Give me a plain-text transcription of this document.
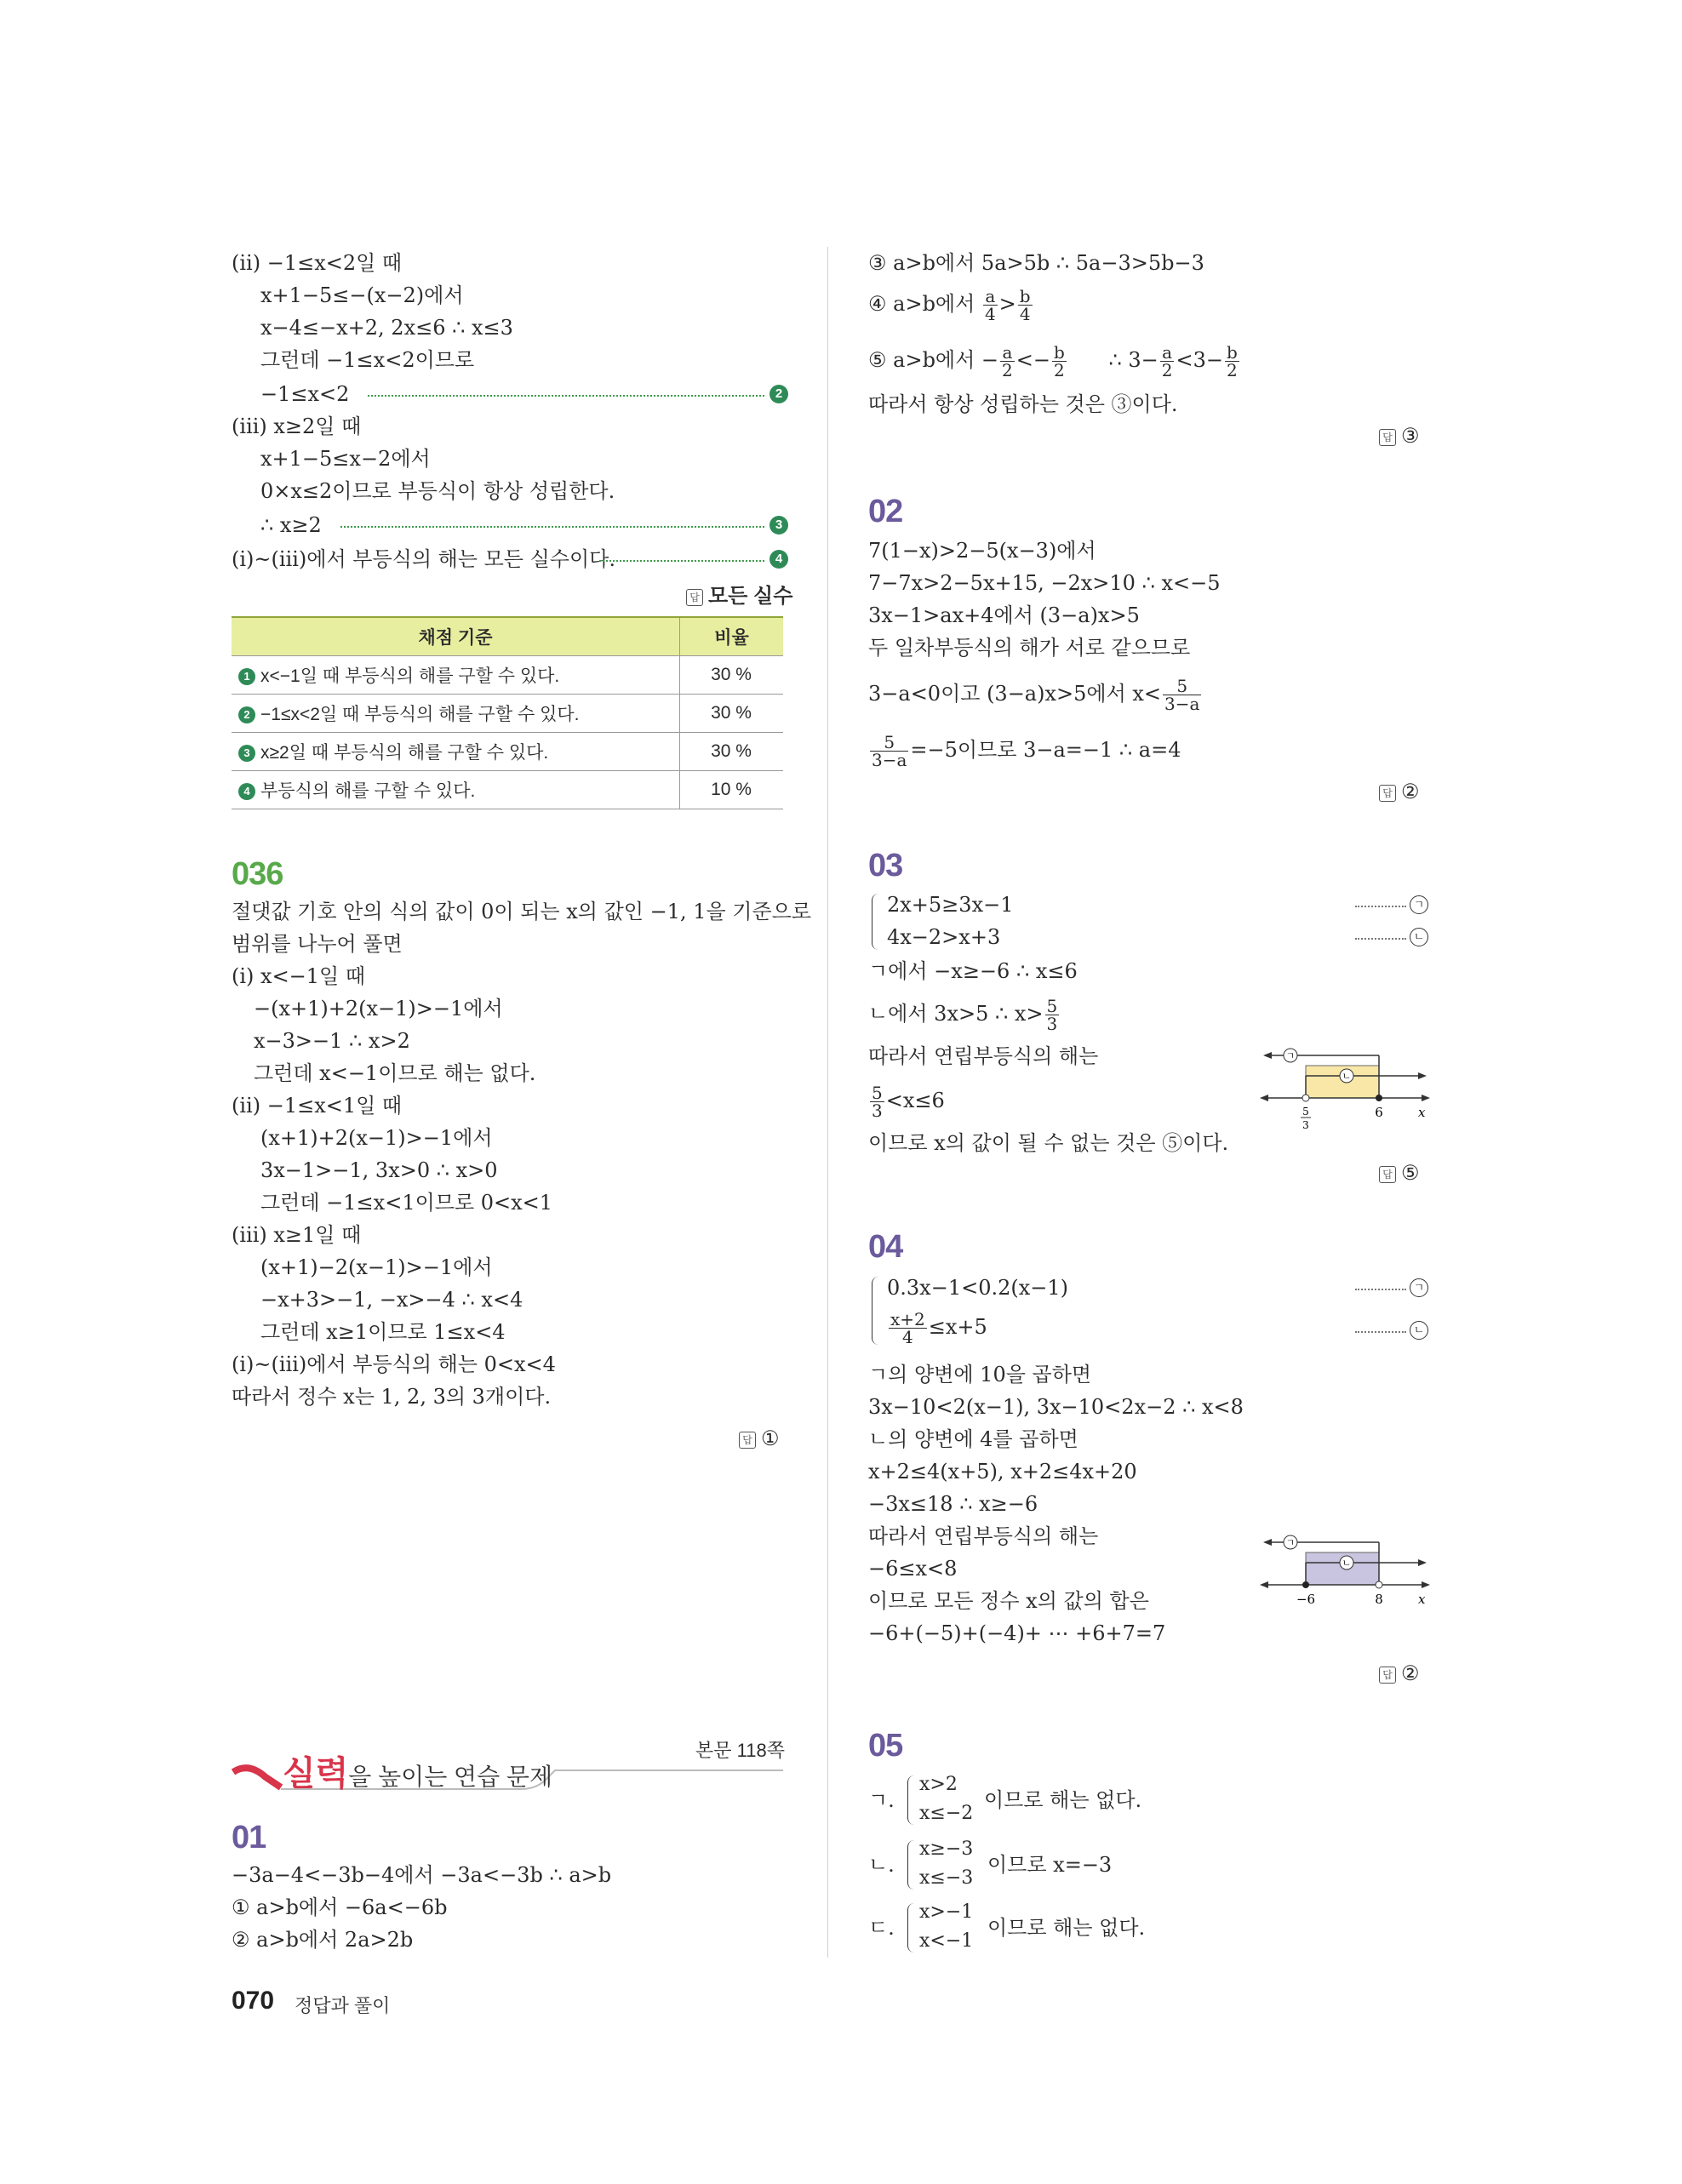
(ⅱ) −1≤x<2일 때
x+1−5≤−(x−2)에서
x−4≤−x+2, 2x≤6 ∴ x≤3
그런데 −1≤x<2이므로
−1≤x<2	2
(ⅲ) x≥2일 때
x+1−5≤x−2에서
0×x≤2이므로 부등식이 항상 성립한다.
∴ x≥2	3
(ⅰ)~(ⅲ)에서 부등식의 해는 모든 실수이다.	4
답 모든 실수
채점 기준	비율
1 x<−1일 때 부등식의 해를 구할 수 있다.	30 %
2 −1≤x<2일 때 부등식의 해를 구할 수 있다.	30 %
3 x≥2일 때 부등식의 해를 구할 수 있다.	30 %
4 부등식의 해를 구할 수 있다.	10 %
036
절댓값 기호 안의 식의 값이 0이 되는 x의 값인 −1, 1을 기준으로
범위를 나누어 풀면
(ⅰ) x<−1일 때
−(x+1)+2(x−1)>−1에서
x−3>−1 ∴ x>2
그런데 x<−1이므로 해는 없다.
(ⅱ) −1≤x<1일 때
(x+1)+2(x−1)>−1에서
3x−1>−1, 3x>0 ∴ x>0
그런데 −1≤x<1이므로 0<x<1
(ⅲ) x≥1일 때
(x+1)−2(x−1)>−1에서
−x+3>−1, −x>−4 ∴ x<4
그런데 x≥1이므로 1≤x<4
(ⅰ)~(ⅲ)에서 부등식의 해는 0<x<4
따라서 정수 x는 1, 2, 3의 3개이다.
답 ①
실력을 높이는 연습 문제
본문 118쪽
01
−3a−4<−3b−4에서 −3a<−3b ∴ a>b
① a>b에서 −6a<−6b
② a>b에서 2a>2b
070 정답과 풀이
③ a>b에서 5a>5b ∴ 5a−3>5b−3
④ a>b에서 $\frac{a}{4} > \frac{b}{4}$
⑤ a>b에서 − $\frac{a}{2} <- \frac{b}{2}$ ∴ $3- \frac{a}{2} <3- \frac{b}{2}$
따라서 항상 성립하는 것은 ③이다.
답 ③
02
7(1−x)>2−5(x−3)에서
7−7x>2−5x+15, −2x>10 ∴ x<−5
3x−1>ax+4에서 (3−a)x>5
두 일차부등식의 해가 서로 같으므로
3−a<0이고 (3−a)x>5에서 $x< \frac{5}{3-a}$
$\frac{5}{3-a} =-5$이므로 3−a=−1 ∴ a=4
답 ②
03
2x+5≥3x−1
4x−2>x+3
ㄱ
ㄴ
ㄱ에서 −x≥−6 ∴ x≤6
ㄴ에서 3x>5 ∴ $x> \frac{5}{3}$
따라서 연립부등식의 해는
$\frac{5}{3} <x\le 6$
이므로 x의 값이 될 수 없는 것은 ⑤이다.
ㄱ
ㄴ
5
3
6	x
답 ⑤
04
0.3x−1<0.2(x−1)
$\frac{x+2}{4} \le x+5$
ㄱ
ㄴ
ㄱ의 양변에 10을 곱하면
3x−10<2(x−1), 3x−10<2x−2 ∴ x<8
ㄴ의 양변에 4를 곱하면
x+2≤4(x+5), x+2≤4x+20
−3x≤18 ∴ x≥−6
따라서 연립부등식의 해는
−6≤x<8
이므로 모든 정수 x의 값의 합은
−6+(−5)+(−4)+ ⋯ +6+7=7
ㄱ
ㄴ
−6	8	x
답 ②
05
ㄱ.
x>2
x≤−2
이므로 해는 없다.
ㄴ.
x≥−3
x≤−3
이므로 x=−3
ㄷ.
x>−1
x<−1
이므로 해는 없다.
